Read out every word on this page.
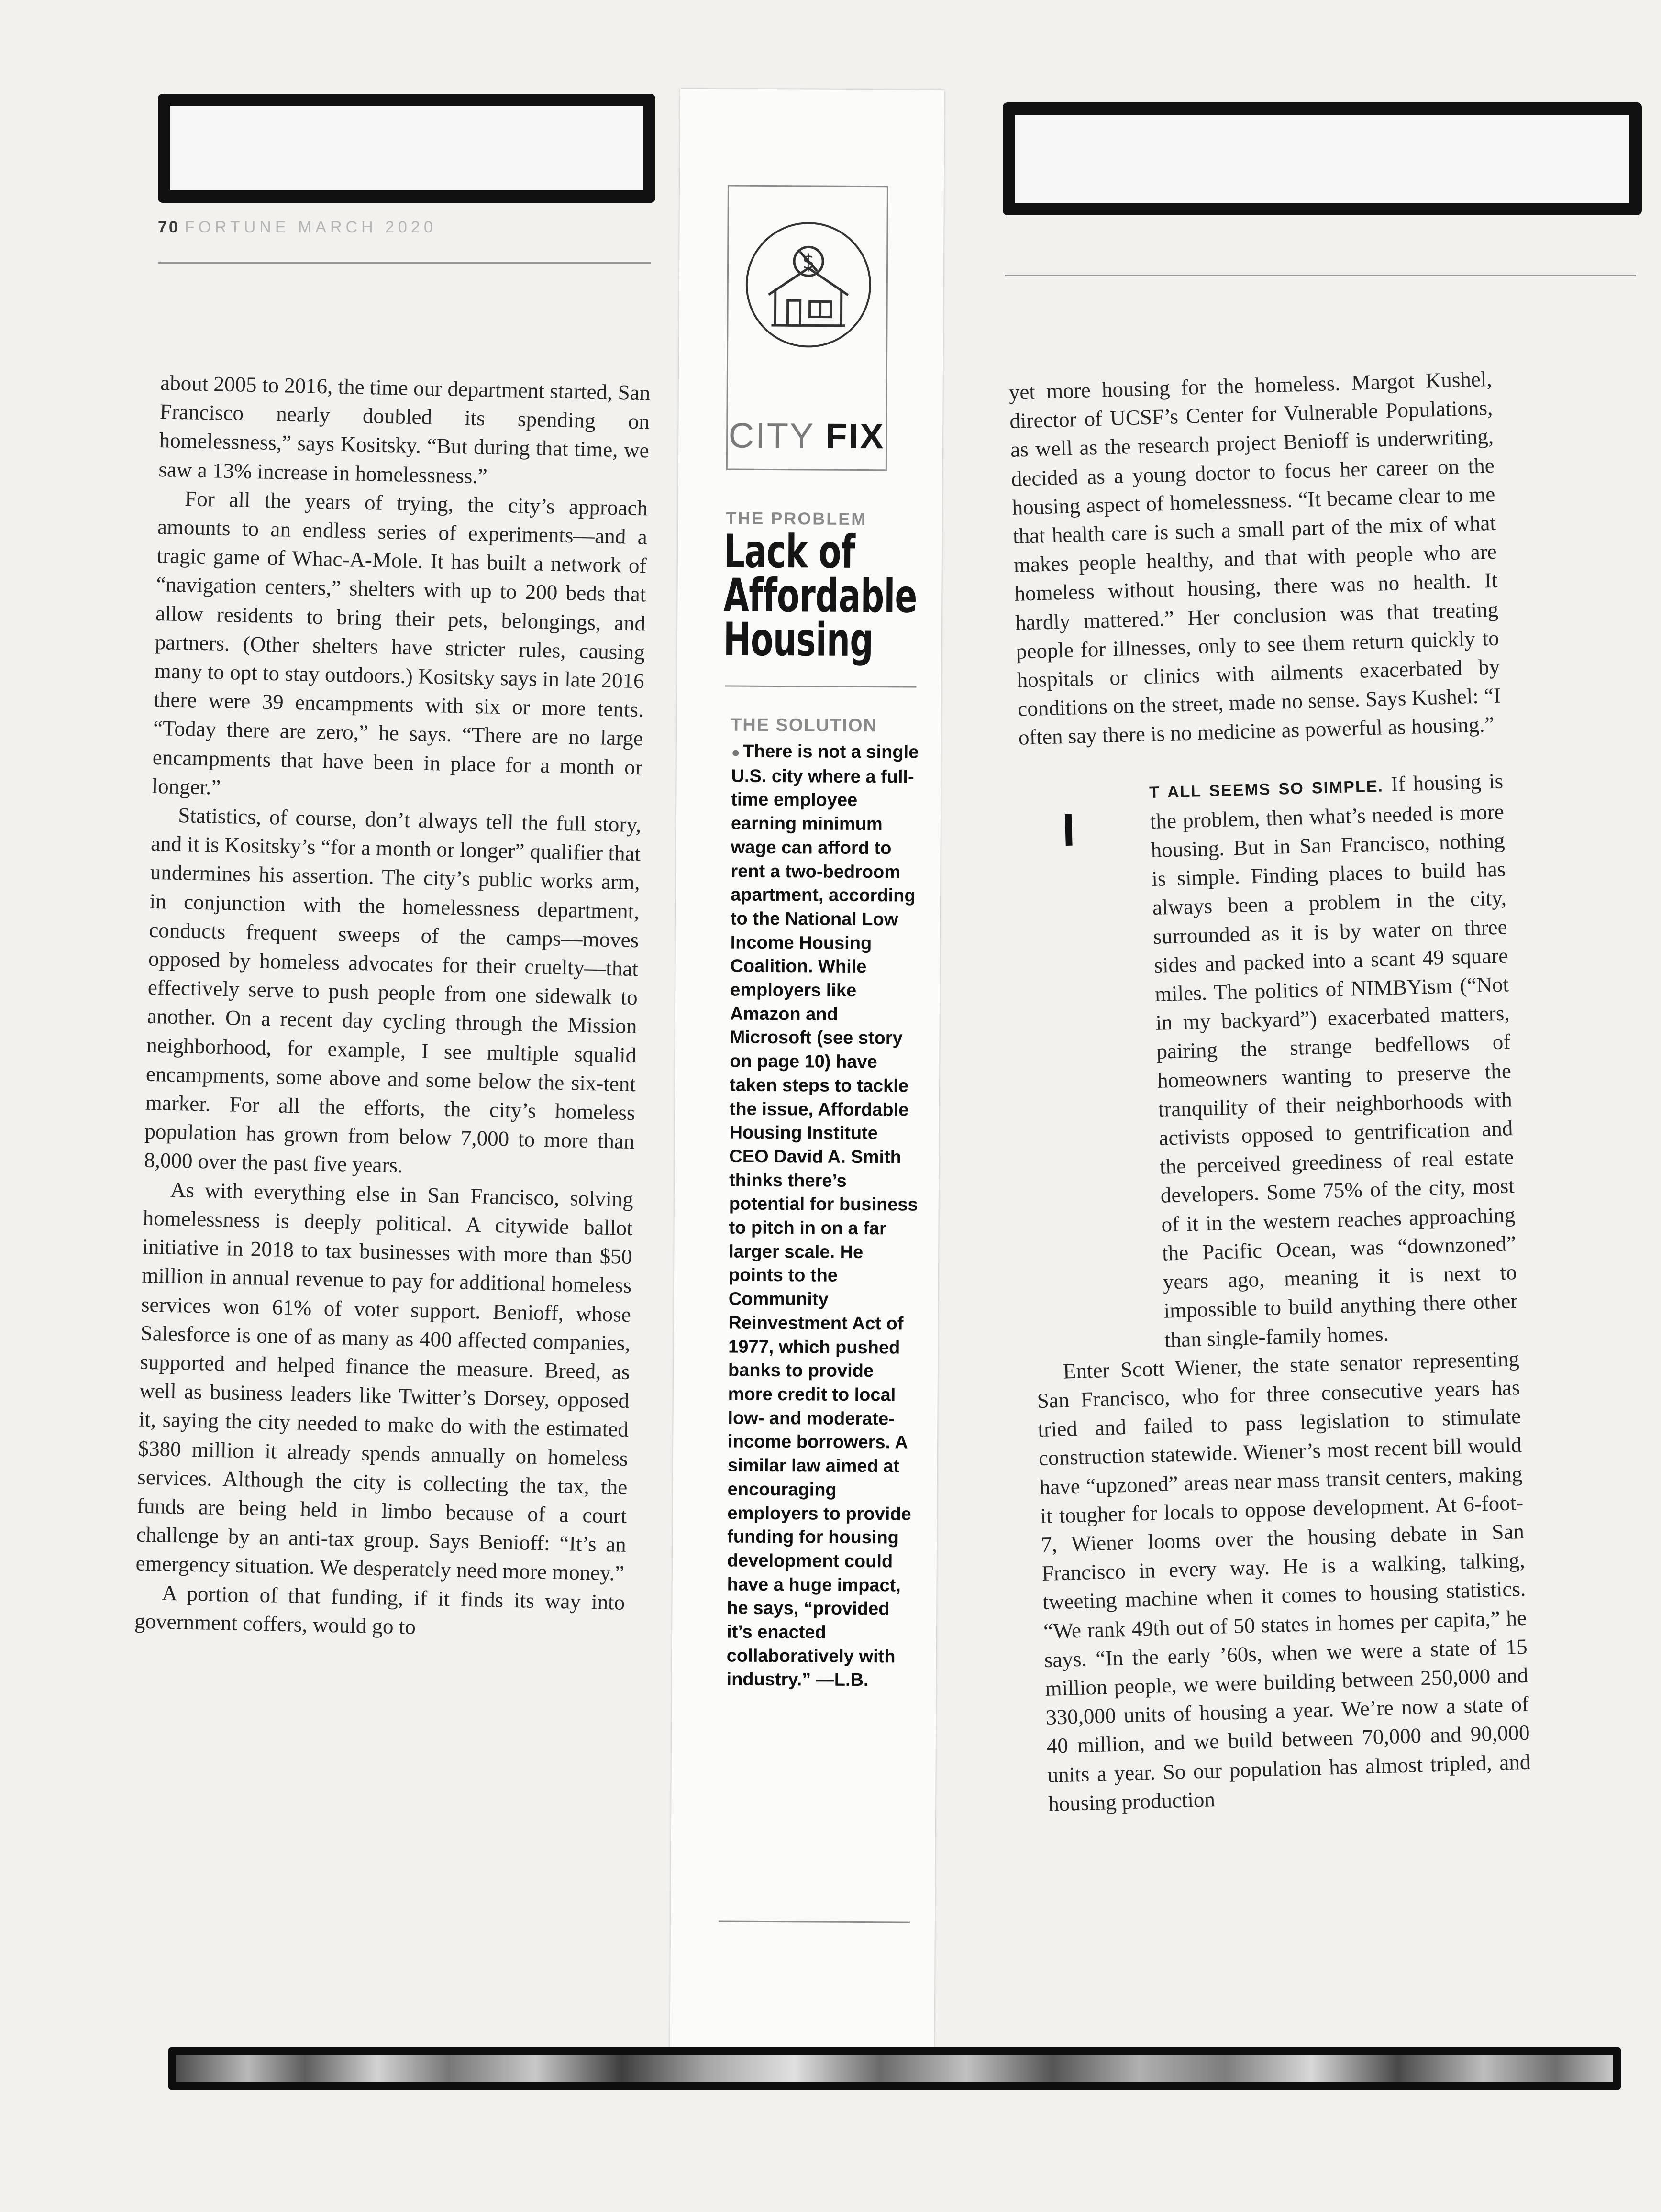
70 FORTUNE MARCH 2020

about 2005 to 2016, the time our department started, San Francisco nearly doubled its spending on homelessness,” says Kositsky. “But during that time, we saw a 13% increase in homelessness.”

For all the years of trying, the city’s approach amounts to an endless series of experiments—and a tragic game of Whac-A-Mole. It has built a network of “navigation centers,” shelters with up to 200 beds that allow residents to bring their pets, belongings, and partners. (Other shelters have stricter rules, causing many to opt to stay outdoors.) Kositsky says in late 2016 there were 39 encampments with six or more tents. “Today there are zero,” he says. “There are no large encampments that have been in place for a month or longer.”

Statistics, of course, don’t always tell the full story, and it is Kositsky’s “for a month or longer” qualifier that undermines his assertion. The city’s public works arm, in conjunction with the homelessness department, conducts frequent sweeps of the camps—moves opposed by homeless advocates for their cruelty—that effectively serve to push people from one sidewalk to another. On a recent day cycling through the Mission neighborhood, for example, I see multiple squalid encampments, some above and some below the six-tent marker. For all the efforts, the city’s homeless population has grown from below 7,000 to more than 8,000 over the past five years.

As with everything else in San Francisco, solving homelessness is deeply political. A citywide ballot initiative in 2018 to tax businesses with more than $50 million in annual revenue to pay for additional homeless services won 61% of voter support. Benioff, whose Salesforce is one of as many as 400 affected companies, supported and helped finance the measure. Breed, as well as business leaders like Twitter’s Dorsey, opposed it, saying the city needed to make do with the estimated $380 million it already spends annually on homeless services. Although the city is collecting the tax, the funds are being held in limbo because of a court challenge by an anti-tax group. Says Benioff: “It’s an emergency situation. We desperately need more money.”

A portion of that funding, if it finds its way into government coffers, would go to

$
CITY FIX
THE PROBLEM
Lack of Affordable Housing
THE SOLUTION
● There is not a single U.S. city where a full-time employee earning minimum wage can afford to rent a two-bedroom apartment, according to the National Low Income Housing Coalition. While employers like Amazon and Microsoft (see story on page 10) have taken steps to tackle the issue, Affordable Housing Institute CEO David A. Smith thinks there’s potential for business to pitch in on a far larger scale. He points to the Community Reinvestment Act of 1977, which pushed banks to provide more credit to local low- and moderate-income borrowers. A similar law aimed at encouraging employers to provide funding for housing development could have a huge impact, he says, “provided it’s enacted collaboratively with industry.” —L.B.

yet more housing for the homeless. Margot Kushel, director of UCSF’s Center for Vulnerable Populations, as well as the research project Benioff is underwriting, decided as a young doctor to focus her career on the housing aspect of homelessness. “It became clear to me that health care is such a small part of the mix of what makes people healthy, and that with people who are homeless without housing, there was no health. It hardly mattered.” Her conclusion was that treating people for illnesses, only to see them return quickly to hospitals or clinics with ailments exacerbated by conditions on the street, made no sense. Says Kushel: “I often say there is no medicine as powerful as housing.”

I
T ALL SEEMS SO SIMPLE. If housing is the problem, then what’s needed is more housing. But in San Francisco, nothing is simple. Finding places to build has always been a problem in the city, surrounded as it is by water on three sides and packed into a scant 49 square miles. The politics of NIMBYism (“Not in my backyard”) exacerbated matters, pairing the strange bedfellows of homeowners wanting to preserve the tranquility of their neighborhoods with activists opposed to gentrification and the perceived greediness of real estate developers. Some 75% of the city, most of it in the western reaches approaching the Pacific Ocean, was “downzoned” years ago, meaning it is next to impossible to build anything there other than single-family homes.

Enter Scott Wiener, the state senator representing San Francisco, who for three consecutive years has tried and failed to pass legislation to stimulate construction statewide. Wiener’s most recent bill would have “upzoned” areas near mass transit centers, making it tougher for locals to oppose development. At 6-foot-7, Wiener looms over the housing debate in San Francisco in every way. He is a walking, talking, tweeting machine when it comes to housing statistics. “We rank 49th out of 50 states in homes per capita,” he says. “In the early ’60s, when we were a state of 15 million people, we were building between 250,000 and 330,000 units of housing a year. We’re now a state of 40 million, and we build between 70,000 and 90,000 units a year. So our population has almost tripled, and housing production
